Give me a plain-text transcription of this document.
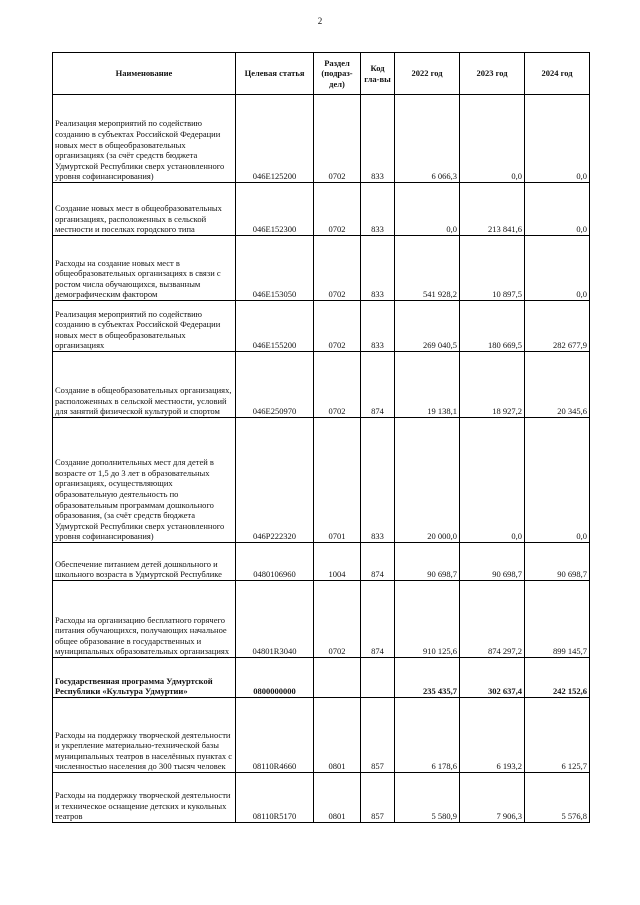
2
Наименование	Целевая статья	Раздел (подраз-дел)	Код гла-вы	2022 год	2023 год	2024 год
Реализация мероприятий по содействию созданию в субъектах Российской Федерации новых мест в общеобразовательных организациях (за счёт средств бюджета Удмуртской Республики сверх установленного уровня софинансирования)	046E125200	0702	833	6 066,3	0,0	0,0
Создание новых мест в общеобразовательных организациях, расположенных в сельской местности и поселках городского типа	046E152300	0702	833	0,0	213 841,6	0,0
Расходы на создание новых мест в общеобразовательных организациях в связи с ростом числа обучающихся, вызванным демографическим фактором	046E153050	0702	833	541 928,2	10 897,5	0,0
Реализация мероприятий по содействию созданию в субъектах Российской Федерации новых мест в общеобразовательных организациях	046E155200	0702	833	269 040,5	180 669,5	282 677,9
Создание в общеобразовательных организациях, расположенных в сельской местности, условий для занятий физической культурой и спортом	046E250970	0702	874	19 138,1	18 927,2	20 345,6
Создание дополнительных мест для детей в возрасте от 1,5 до 3 лет в образовательных организациях, осуществляющих образовательную деятельность по образовательным программам дошкольного образования, (за счёт средств бюджета Удмуртской Республики сверх установленного уровня софинансирования)	046P222320	0701	833	20 000,0	0,0	0,0
Обеспечение питанием детей дошкольного и школьного возраста в Удмуртской Республике	0480106960	1004	874	90 698,7	90 698,7	90 698,7
Расходы на организацию бесплатного горячего питания обучающихся, получающих начальное общее образование в государственных и муниципальных образовательных организациях	04801R3040	0702	874	910 125,6	874 297,2	899 145,7
Государственная программа Удмуртской Республики «Культура Удмуртии»	0800000000			235 435,7	302 637,4	242 152,6
Расходы на поддержку творческой деятельности и укрепление материально-технической базы муниципальных театров в населённых пунктах с численностью населения до 300 тысяч человек	08110R4660	0801	857	6 178,6	6 193,2	6 125,7
Расходы на поддержку творческой деятельности и техническое оснащение детских и кукольных театров	08110R5170	0801	857	5 580,9	7 906,3	5 576,8
